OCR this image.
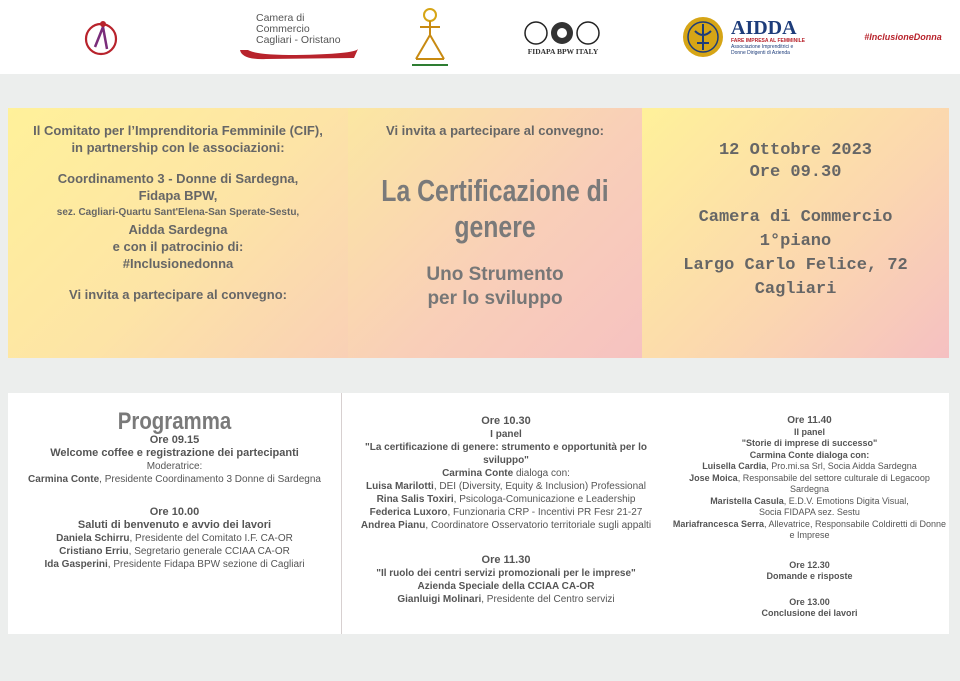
Camera di Commercio
Cagliari - Oristano
FIDAPA BPW ITALY
AIDDA
FARE IMPRESA AL FEMMINILE
Associazione Imprenditrici e
Donne Dirigenti di Azienda
#InclusioneDonna
Il Comitato per l’Imprenditoria Femminile (CIF),
in partnership con le associazioni:
Coordinamento 3 - Donne di Sardegna,
Fidapa BPW,
sez. Cagliari-Quartu Sant'Elena-San Sperate-Sestu,
Aidda Sardegna
e con il patrocinio di:
#Inclusionedonna
Vi invita a partecipare al convegno:
Vi invita a partecipare al convegno:
La Certificazione di
genere
Uno Strumento
per lo sviluppo
12 Ottobre 2023
Ore 09.30
Camera di Commercio
1°piano
Largo Carlo Felice, 72
Cagliari
Programma
Ore 09.15
Welcome coffee e registrazione dei partecipanti
Moderatrice:
Carmina Conte, Presidente Coordinamento 3 Donne di Sardegna
Ore 10.00
Saluti di benvenuto e avvio dei lavori
Daniela Schirru, Presidente del Comitato I.F. CA-OR
Cristiano Erriu, Segretario generale CCIAA CA-OR
Ida Gasperini, Presidente Fidapa BPW sezione di Cagliari
Ore 10.30
I panel
"La certificazione di genere: strumento e opportunità per lo
sviluppo"
Carmina Conte dialoga con:
Luisa Marilotti, DEI (Diversity, Equity & Inclusion) Professional
Rina Salis Toxiri, Psicologa-Comunicazione e Leadership
Federica Luxoro, Funzionaria CRP - Incentivi PR Fesr 21-27
Andrea Pianu, Coordinatore Osservatorio territoriale sugli appalti
Ore 11.30
"Il ruolo dei centri servizi promozionali per le imprese"
Azienda Speciale della CCIAA CA-OR
Gianluigi Molinari, Presidente del Centro servizi
Ore 11.40
II panel
"Storie di imprese di successo"
Carmina Conte dialoga con:
Luisella Cardia, Pro.mi.sa Srl, Socia Aidda Sardegna
Jose Moica, Responsabile del settore culturale di Legacoop Sardegna
Maristella Casula, E.D.V. Emotions Digita Visual,
Socia FIDAPA sez. Sestu
Mariafrancesca Serra, Allevatrice, Responsabile Coldiretti di Donne
e Imprese
Ore 12.30
Domande e risposte
Ore 13.00
Conclusione dei lavori
